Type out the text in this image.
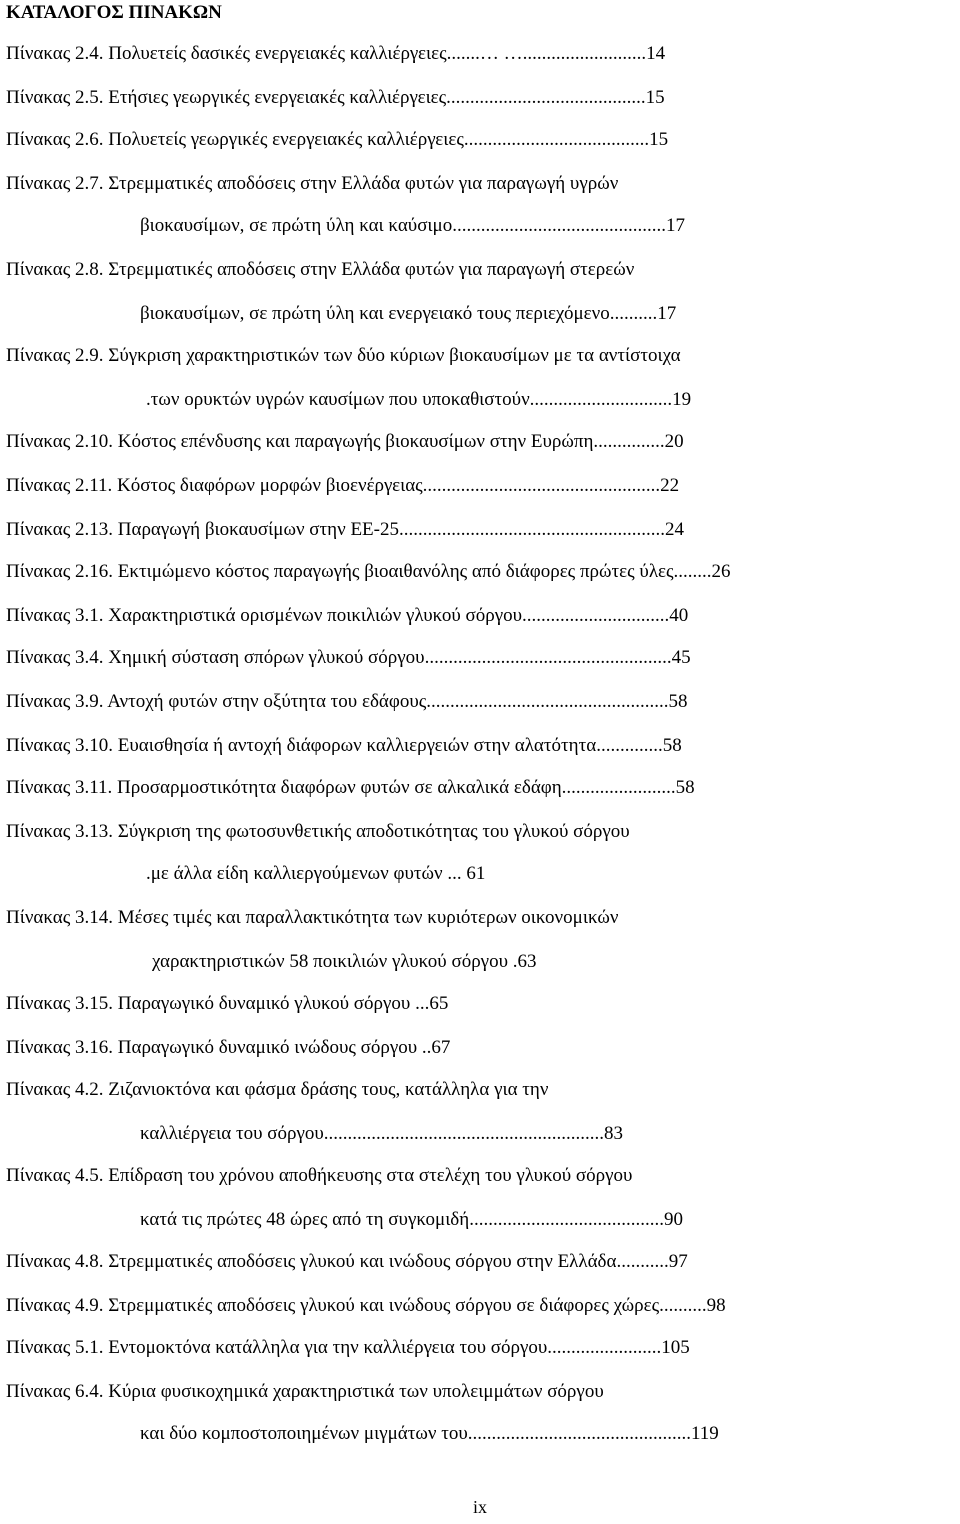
ΚΑΤΑΛΟΓΟΣ ΠΙΝΑΚΩΝ
Πίνακας 2.4. Πολυετείς δασικές ενεργειακές καλλιέργειες.......… …..........................14
Πίνακας 2.5. Ετήσιες γεωργικές ενεργειακές καλλιέργειες..........................................15
Πίνακας 2.6. Πολυετείς γεωργικές ενεργειακές καλλιέργειες.......................................15
Πίνακας 2.7. Στρεμματικές αποδόσεις στην Ελλάδα φυτών για παραγωγή υγρών
βιοκαυσίμων, σε πρώτη ύλη και καύσιμο.............................................17
Πίνακας 2.8. Στρεμματικές αποδόσεις στην Ελλάδα φυτών για παραγωγή στερεών
βιοκαυσίμων, σε πρώτη ύλη και ενεργειακό τους περιεχόμενο..........17
Πίνακας 2.9. Σύγκριση χαρακτηριστικών των δύο κύριων βιοκαυσίμων με τα αντίστοιχα
.των ορυκτών υγρών καυσίμων που υποκαθιστούν..............................19
Πίνακας 2.10. Κόστος επένδυσης και παραγωγής βιοκαυσίμων στην Ευρώπη...............20
Πίνακας 2.11. Κόστος διαφόρων μορφών βιοενέργειας..................................................22
Πίνακας 2.13. Παραγωγή βιοκαυσίμων στην ΕΕ-25........................................................24
Πίνακας 2.16. Εκτιμώμενο κόστος παραγωγής βιοαιθανόλης από διάφορες πρώτες ύλες........26
Πίνακας 3.1. Χαρακτηριστικά ορισμένων ποικιλιών γλυκού σόργου...............................40
Πίνακας 3.4. Χημική σύσταση σπόρων γλυκού σόργου....................................................45
Πίνακας 3.9. Αντοχή φυτών στην οξύτητα του εδάφους...................................................58
Πίνακας 3.10. Ευαισθησία ή αντοχή διάφορων καλλιεργειών στην αλατότητα..............58
Πίνακας 3.11. Προσαρμοστικότητα διαφόρων φυτών σε αλκαλικά εδάφη........................58
Πίνακας 3.13. Σύγκριση της φωτοσυνθετικής αποδοτικότητας του γλυκού σόργου
.με άλλα είδη καλλιεργούμενων φυτών ... 61
Πίνακας 3.14. Μέσες τιμές και παραλλακτικότητα των κυριότερων οικονομικών
χαρακτηριστικών 58 ποικιλιών γλυκού σόργου .63
Πίνακας 3.15. Παραγωγικό δυναμικό γλυκού σόργου ...65
Πίνακας 3.16. Παραγωγικό δυναμικό ινώδους σόργου ..67
Πίνακας 4.2. Ζιζανιοκτόνα και φάσμα δράσης τους, κατάλληλα για την
καλλιέργεια του σόργου...........................................................83
Πίνακας 4.5. Επίδραση του χρόνου αποθήκευσης στα στελέχη του γλυκού σόργου
κατά τις πρώτες 48 ώρες από τη συγκομιδή.........................................90
Πίνακας 4.8. Στρεμματικές αποδόσεις γλυκού και ινώδους σόργου στην Ελλάδα...........97
Πίνακας 4.9. Στρεμματικές αποδόσεις γλυκού και ινώδους σόργου σε διάφορες χώρες..........98
Πίνακας 5.1. Εντομοκτόνα κατάλληλα για την καλλιέργεια του σόργου........................105
Πίνακας 6.4. Κύρια φυσικοχημικά χαρακτηριστικά των υπολειμμάτων σόργου
και δύο κομποστοποιημένων μιγμάτων του...............................................119
ix
